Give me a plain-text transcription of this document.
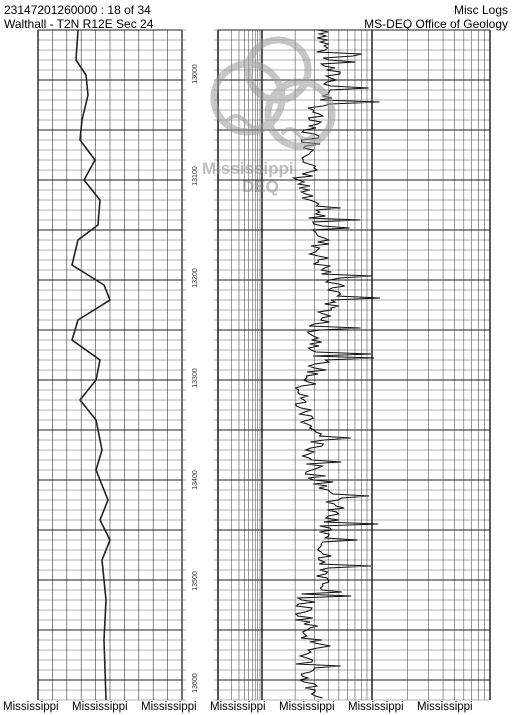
23147201260000 : 18 of 34
Walthall - T2N R12E Sec 24
Misc Logs
MS-DEQ Office of Geology
13000
13100
13200
13300
13400
13500
13600
Mississippi
DEQ
Mississippi Mississippi Mississippi Mississippi Mississippi Mississippi Mississippi
